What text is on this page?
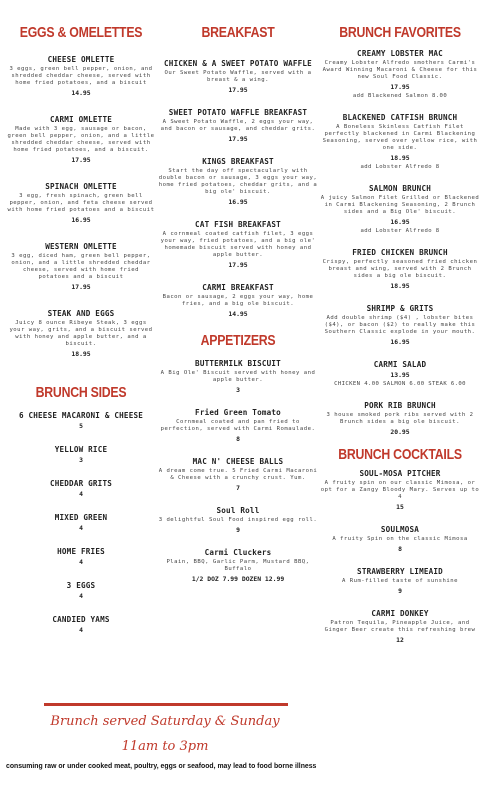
EGGS & OMELETTES
CHEESE OMLETTE
3 eggs, green bell pepper, onion, and shredded cheddar cheese, served with home fried potatoes, and a biscuit
14.95
CARMI OMLETTE
Made with 3 egg, sausage or bacon, green bell pepper, onion, and a little shredded cheddar cheese, served with home fried potatoes, and a biscuit.
17.95
SPINACH OMLETTE
3 egg, fresh spinach, green bell pepper, onion, and feta cheese served with home fried potatoes and a biscuit
16.95
WESTERN OMLETTE
3 egg, diced ham, green bell pepper, onion, and a little shredded cheddar cheese, served with home fried potatoes and a biscuit
17.95
STEAK AND EGGS
Juicy 8 ounce Ribeye Steak, 3 eggs your way, grits, and a biscuit served with honey and apple butter, and a biscuit.
18.95
BRUNCH SIDES
6 CHEESE MACARONI & CHEESE
5
YELLOW RICE
3
CHEDDAR GRITS
4
MIXED GREEN
4
HOME FRIES
4
3 EGGS
4
CANDIED YAMS
4
BREAKFAST
CHICKEN & A SWEET POTATO WAFFLE
Our Sweet Potato Waffle, served with a breast & a wing.
17.95
SWEET POTATO WAFFLE BREAKFAST
A Sweet Potato Waffle, 2 eggs your way, and bacon or sausage, and cheddar grits.
17.95
KINGS BREAKFAST
Start the day off spectacularly with double bacon or sausage, 3 eggs your way, home fried potatoes, cheddar grits, and a big ole' biscuit.
16.95
CAT FISH BREAKFAST
A cornmeal coated catfish filet, 3 eggs your way, fried potatoes, and a big ole' homemade biscuit served with honey and apple butter.
17.95
CARMI BREAKFAST
Bacon or sausage, 2 eggs your way, home fries, and a big ole biscuit.
14.95
APPETIZERS
BUTTERMILK BISCUIT
A Big Ole' Biscuit served with honey and apple butter.
3
Fried Green Tomato
Cornmeal coated and pan fried to perfection, served with Carmi Romaulade.
8
MAC N' CHEESE BALLS
A dream come true. 5 Fried Carmi Macaroni & Cheese with a crunchy crust. Yum.
7
Soul Roll
3 delightful Soul Food inspired egg roll.
9
Carmi Cluckers
Plain, BBQ, Garlic Parm, Mustard BBQ, Buffalo
1/2 DOZ 7.99 DOZEN 12.99
BRUNCH FAVORITES
CREAMY LOBSTER MAC
Creamy Lobster Alfredo smothers Carmi's Award Winning Macaroni & Cheese for this new Soul Food Classic.
17.95
add Blackened Salmon 8.00
BLACKENED CATFISH BRUNCH
A Boneless Skinless Catfish Filet perfectly blackened in Carmi Blackening Seasoning, served over yellow rice, with one side.
18.95
add Lobster Alfredo 8
SALMON BRUNCH
A juicy Salmon Filet Grilled or Blackened in Carmi Blackening Seasoning, 2 Brunch sides and a Big Ole' biscuit.
16.95
add Lobster Alfredo 8
FRIED CHICKEN BRUNCH
Crispy, perfectly seasoned fried chicken breast and wing, served with 2 Brunch sides a big ole biscuit.
18.95
SHRIMP & GRITS
Add double shrimp ($4) , lobster bites ($4), or bacon ($2) to really make this Southern Classic explode in your mouth.
16.95
CARMI SALAD
13.95
CHICKEN 4.00 SALMON 6.00 STEAK 6.00
PORK RIB BRUNCH
3 house smoked pork ribs served with 2 Brunch sides a big ole biscuit.
20.95
BRUNCH COCKTAILS
SOUL-MOSA PITCHER
A fruity spin on our classic Mimosa, or opt for a Zangy Bloody Mary. Serves up to 4
15
SOULMOSA
A fruity Spin on the classic Mimosa
8
STRAWBERRY LIMEAID
A Rum-filled taste of sunshine
9
CARMI DONKEY
Patron Tequila, Pineapple Juice, and Ginger Beer create this refreshing brew
12
Brunch served Saturday & Sunday
11am to 3pm
consuming raw or under cooked meat, poultry, eggs or seafood, may lead to food borne illness
